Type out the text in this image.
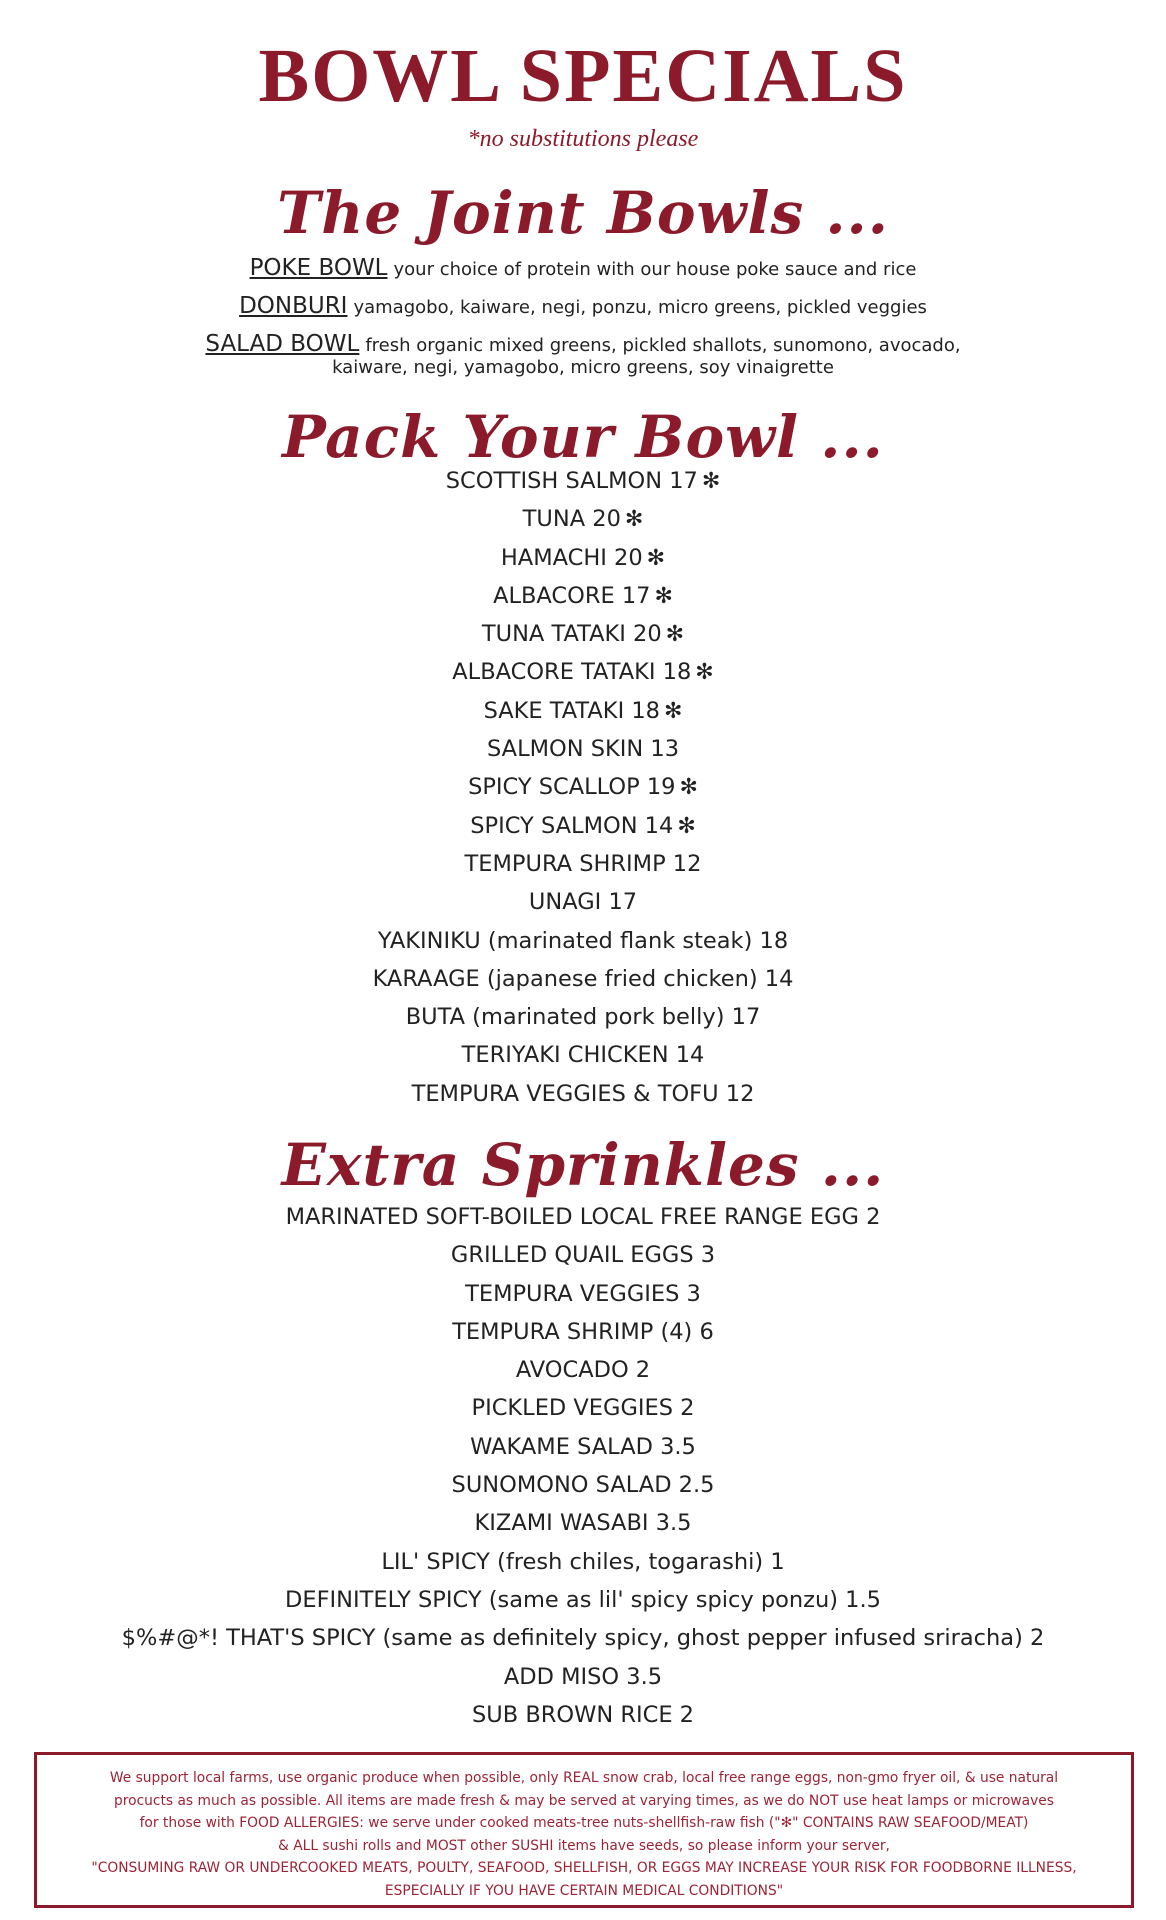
BOWL SPECIALS
*no substitutions please
The Joint Bowls ...
POKE BOWL your choice of protein with our house poke sauce and rice
DONBURI yamagobo, kaiware, negi, ponzu, micro greens, pickled veggies
SALAD BOWL fresh organic mixed greens, pickled shallots, sunomono, avocado,
kaiware, negi, yamagobo, micro greens, soy vinaigrette
Pack Your Bowl ...
SCOTTISH SALMON 17 ✻
TUNA 20 ✻
HAMACHI 20 ✻
ALBACORE 17 ✻
TUNA TATAKI 20 ✻
ALBACORE TATAKI 18 ✻
SAKE TATAKI 18 ✻
SALMON SKIN 13
SPICY SCALLOP 19 ✻
SPICY SALMON 14 ✻
TEMPURA SHRIMP 12
UNAGI 17
YAKINIKU (marinated flank steak) 18
KARAAGE (japanese fried chicken) 14
BUTA (marinated pork belly) 17
TERIYAKI CHICKEN 14
TEMPURA VEGGIES & TOFU 12
Extra Sprinkles ...
MARINATED SOFT-BOILED LOCAL FREE RANGE EGG 2
GRILLED QUAIL EGGS 3
TEMPURA VEGGIES 3
TEMPURA SHRIMP (4) 6
AVOCADO 2
PICKLED VEGGIES 2
WAKAME SALAD 3.5
SUNOMONO SALAD 2.5
KIZAMI WASABI 3.5
LIL' SPICY (fresh chiles, togarashi) 1
DEFINITELY SPICY (same as lil' spicy spicy ponzu) 1.5
$%#@*! THAT'S SPICY (same as definitely spicy, ghost pepper infused sriracha) 2
ADD MISO 3.5
SUB BROWN RICE 2
We support local farms, use organic produce when possible, only REAL snow crab, local free range eggs, non-gmo fryer oil, & use natural
procucts as much as possible. All items are made fresh & may be served at varying times, as we do NOT use heat lamps or microwaves
for those with FOOD ALLERGIES: we serve under cooked meats-tree nuts-shellfish-raw fish ("✻" CONTAINS RAW SEAFOOD/MEAT)
& ALL sushi rolls and MOST other SUSHI items have seeds, so please inform your server,
"CONSUMING RAW OR UNDERCOOKED MEATS, POULTY, SEAFOOD, SHELLFISH, OR EGGS MAY INCREASE YOUR RISK FOR FOODBORNE ILLNESS,
ESPECIALLY IF YOU HAVE CERTAIN MEDICAL CONDITIONS"
